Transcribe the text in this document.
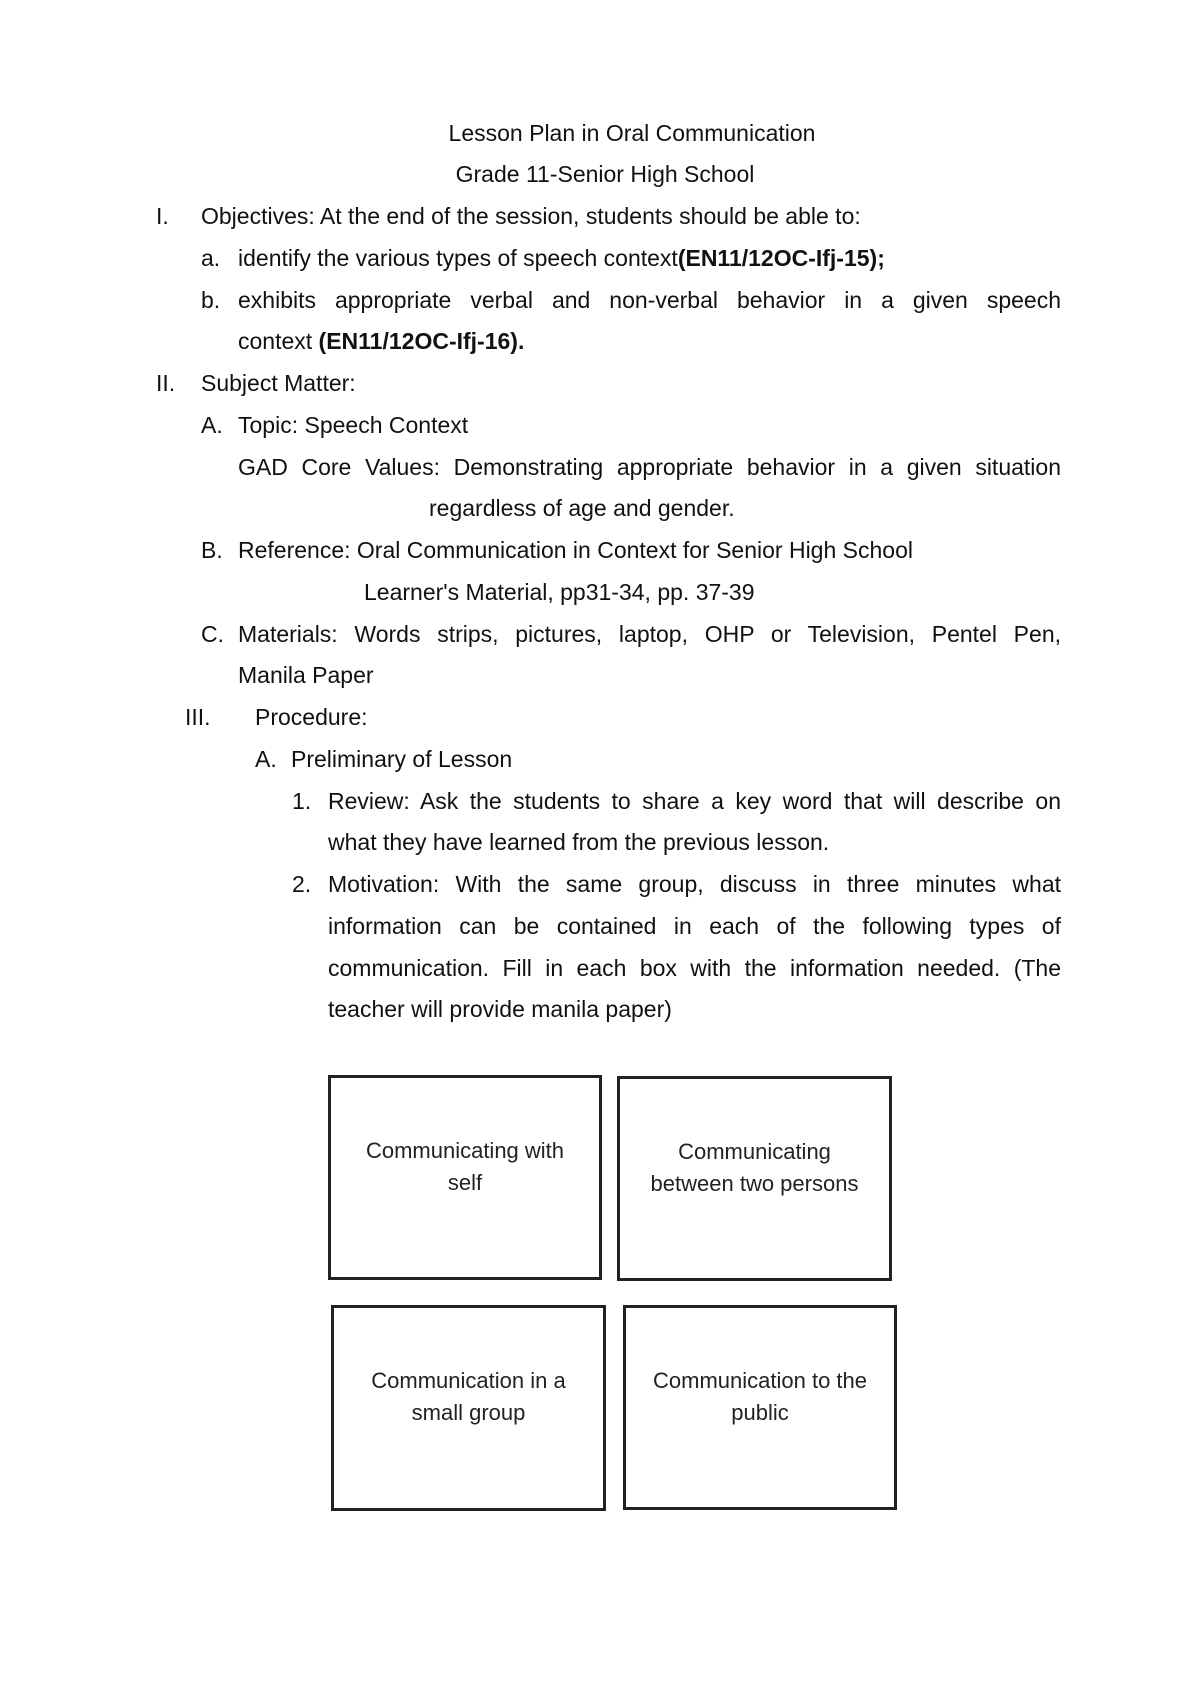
Lesson Plan in Oral Communication
Grade 11-Senior High School
I. Objectives: At the end of the session, students should be able to:
a. identify the various types of speech context(EN11/12OC-Ifj-15);
b. exhibits appropriate verbal and non-verbal behavior in a given speech
context (EN11/12OC-Ifj-16).
II. Subject Matter:
A. Topic: Speech Context
GAD Core Values: Demonstrating appropriate behavior in a given situation
regardless of age and gender.
B. Reference: Oral Communication in Context for Senior High School
Learner's Material, pp31-34, pp. 37-39
C. Materials: Words strips, pictures, laptop, OHP or Television, Pentel Pen,
Manila Paper
III. Procedure:
A. Preliminary of Lesson
1. Review: Ask the students to share a key word that will describe on
what they have learned from the previous lesson.
2. Motivation: With the same group, discuss in three minutes what
information can be contained in each of the following types of
communication. Fill in each box with the information needed. (The
teacher will provide manila paper)
Communicating with self
Communicating between two persons
Communication in a small group
Communication to the public
